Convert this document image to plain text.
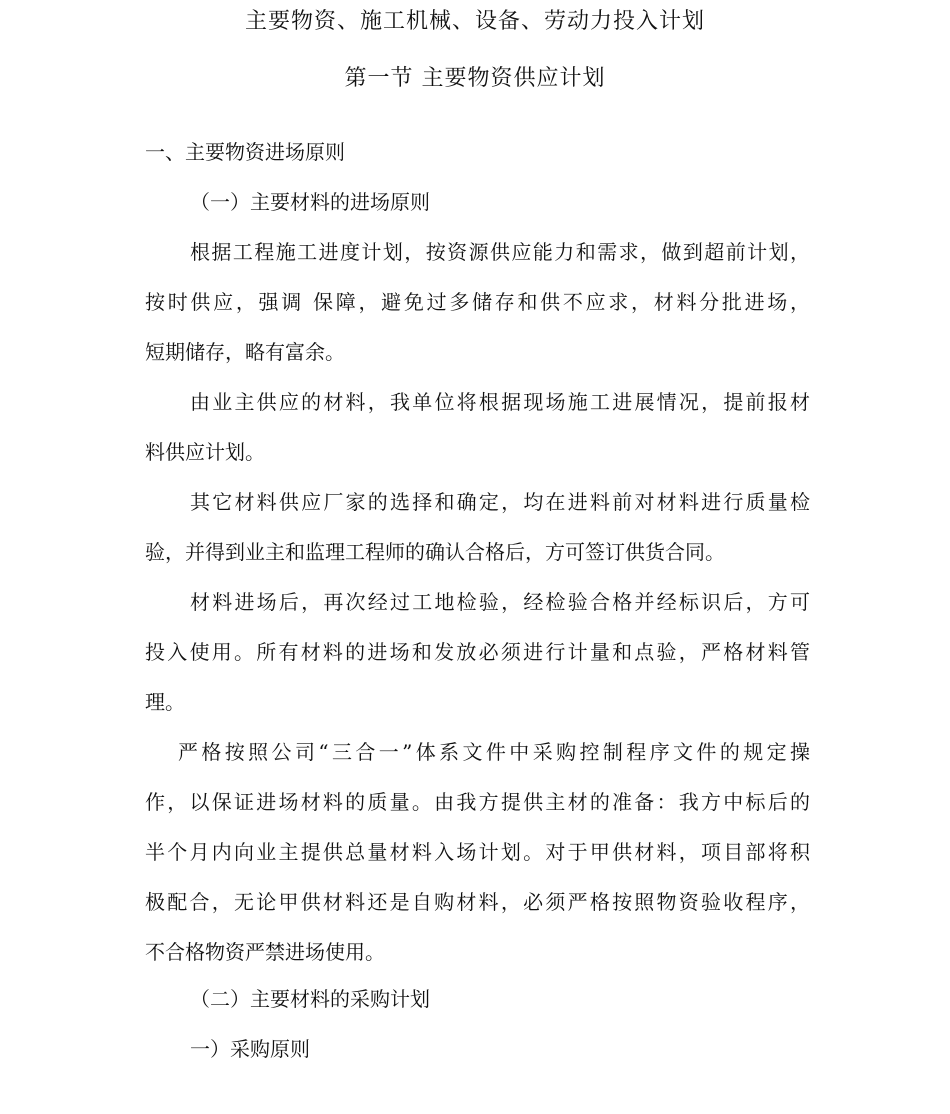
主要物资、施工机械、设备、劳动力投入计划
第一节 主要物资供应计划
一、主要物资进场原则
（一）主要材料的进场原则
根据工程施工进度计划，按资源供应能力和需求，做到超前计划，
按时供应，强调 保障，避免过多储存和供不应求，材料分批进场，
短期储存，略有富余。
由业主供应的材料，我单位将根据现场施工进展情况，提前报材
料供应计划。
其它材料供应厂家的选择和确定，均在进料前对材料进行质量检
验，并得到业主和监理工程师的确认合格后，方可签订供货合同。
材料进场后，再次经过工地检验，经检验合格并经标识后，方可
投入使用。所有材料的进场和发放必须进行计量和点验，严格材料管
理。
严格按照公司“三合一”体系文件中采购控制程序文件的规定操
作，以保证进场材料的质量。由我方提供主材的准备：我方中标后的
半个月内向业主提供总量材料入场计划。对于甲供材料，项目部将积
极配合，无论甲供材料还是自购材料，必须严格按照物资验收程序，
不合格物资严禁进场使用。
（二）主要材料的采购计划
一）采购原则
